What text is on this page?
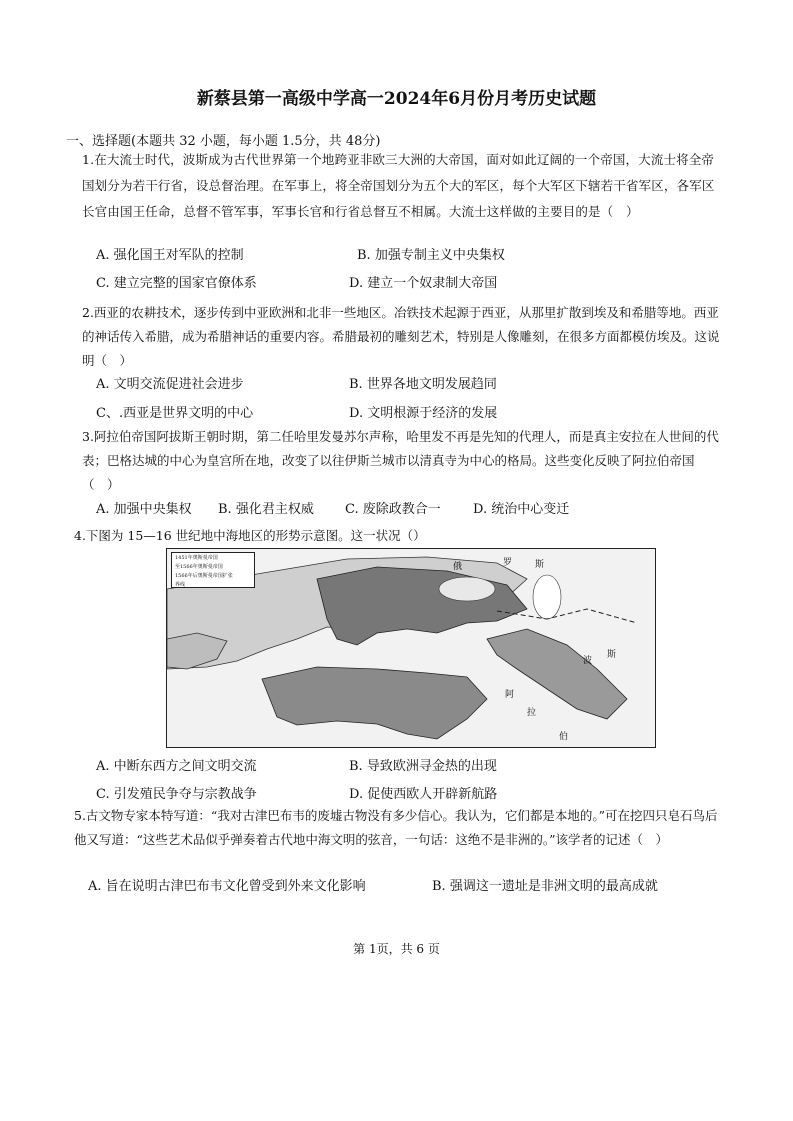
新蔡县第一高级中学高一2024年6月份月考历史试题
一、选择题(本题共 32 小题，每小题 1.5分，共 48分)
1.在大流士时代，波斯成为古代世界第一个地跨亚非欧三大洲的大帝国，面对如此辽阔的一个帝国，大流士将全帝国划分为若干行省，设总督治理。在军事上，将全帝国划分为五个大的军区，每个大军区下辖若干省军区，各军区长官由国王任命，总督不管军事，军事长官和行省总督互不相属。大流士这样做的主要目的是（　）
A. 强化国王对军队的控制	B. 加强专制主义中央集权
C. 建立完整的国家官僚体系	D. 建立一个奴隶制大帝国
2.西亚的农耕技术，逐步传到中亚欧洲和北非一些地区。冶铁技术起源于西亚，从那里扩散到埃及和希腊等地。西亚的神话传入希腊，成为希腊神话的重要内容。希腊最初的雕刻艺术，特别是人像雕刻，在很多方面都模仿埃及。这说明（　）
A. 文明交流促进社会进步	B. 世界各地文明发展趋同
C、.西亚是世界文明的中心	D. 文明根源于经济的发展
3.阿拉伯帝国阿拔斯王朝时期，第二任哈里发曼苏尔声称，哈里发不再是先知的代理人，而是真主安拉在人世间的代表；巴格达城的中心为皇宫所在地，改变了以往伊斯兰城市以清真寺为中心的格局。这些变化反映了阿拉伯帝国（　）
A. 加强中央集权 B. 强化君主权威 C. 废除政教合一 D. 统治中心变迁
4.下图为 15—16 世纪地中海地区的形势示意图。这一状况（）
1451年奥斯曼帝国
至1566年奥斯曼帝国
1566年后奥斯曼帝国扩张
界线
俄	罗	斯
阿
拉
伯
波
斯
A. 中断东西方之间文明交流	B. 导致欧洲寻金热的出现
C. 引发殖民争夺与宗教战争	D. 促使西欧人开辟新航路
5.古文物专家本特写道：“我对古津巴布韦的废墟古物没有多少信心。我认为，它们都是本地的。”可在挖四只皂石鸟后他又写道：“这些艺术品似乎弹奏着古代地中海文明的弦音，一句话：这绝不是非洲的。”该学者的记述（　）
A. 旨在说明古津巴布韦文化曾受到外来文化影响	B. 强调这一遗址是非洲文明的最高成就
第 1页，共 6 页
